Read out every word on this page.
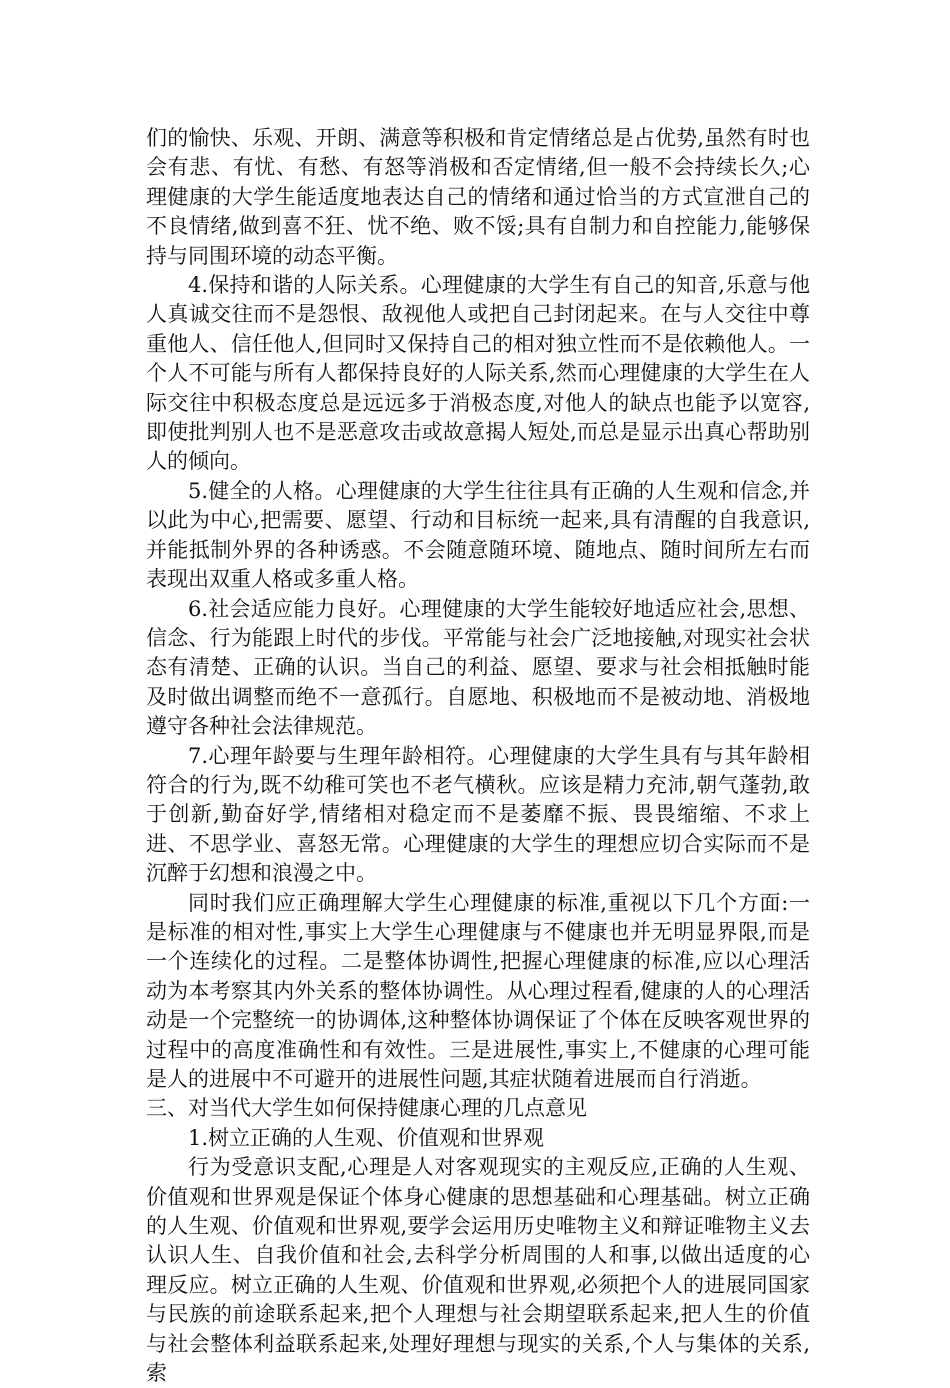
们的愉快、乐观、开朗、满意等积极和肯定情绪总是占优势,虽然有时也会有悲、有忧、有愁、有怒等消极和否定情绪,但一般不会持续长久;心理健康的大学生能适度地表达自己的情绪和通过恰当的方式宣泄自己的不良情绪,做到喜不狂、忧不绝、败不馁;具有自制力和自控能力,能够保持与同围环境的动态平衡。

4.保持和谐的人际关系。心理健康的大学生有自己的知音,乐意与他人真诚交往而不是怨恨、敌视他人或把自己封闭起来。在与人交往中尊重他人、信任他人,但同时又保持自己的相对独立性而不是依赖他人。一个人不可能与所有人都保持良好的人际关系,然而心理健康的大学生在人际交往中积极态度总是远远多于消极态度,对他人的缺点也能予以宽容,即使批判别人也不是恶意攻击或故意揭人短处,而总是显示出真心帮助别人的倾向。

5.健全的人格。心理健康的大学生往往具有正确的人生观和信念,并以此为中心,把需要、愿望、行动和目标统一起来,具有清醒的自我意识,并能抵制外界的各种诱惑。不会随意随环境、随地点、随时间所左右而表现出双重人格或多重人格。

6.社会适应能力良好。心理健康的大学生能较好地适应社会,思想、信念、行为能跟上时代的步伐。平常能与社会广泛地接触,对现实社会状态有清楚、正确的认识。当自己的利益、愿望、要求与社会相抵触时能及时做出调整而绝不一意孤行。自愿地、积极地而不是被动地、消极地遵守各种社会法律规范。

7.心理年龄要与生理年龄相符。心理健康的大学生具有与其年龄相符合的行为,既不幼稚可笑也不老气横秋。应该是精力充沛,朝气蓬勃,敢于创新,勤奋好学,情绪相对稳定而不是萎靡不振、畏畏缩缩、不求上进、不思学业、喜怒无常。心理健康的大学生的理想应切合实际而不是沉醉于幻想和浪漫之中。

同时我们应正确理解大学生心理健康的标准,重视以下几个方面:一是标准的相对性,事实上大学生心理健康与不健康也并无明显界限,而是一个连续化的过程。二是整体协调性,把握心理健康的标准,应以心理活动为本考察其内外关系的整体协调性。从心理过程看,健康的人的心理活动是一个完整统一的协调体,这种整体协调保证了个体在反映客观世界的过程中的高度准确性和有效性。三是进展性,事实上,不健康的心理可能是人的进展中不可避开的进展性问题,其症状随着进展而自行消逝。

三、对当代大学生如何保持健康心理的几点意见

1.树立正确的人生观、价值观和世界观

行为受意识支配,心理是人对客观现实的主观反应,正确的人生观、价值观和世界观是保证个体身心健康的思想基础和心理基础。树立正确的人生观、价值观和世界观,要学会运用历史唯物主义和辩证唯物主义去认识人生、自我价值和社会,去科学分析周围的人和事,以做出适度的心理反应。树立正确的人生观、价值观和世界观,必须把个人的进展同国家与民族的前途联系起来,把个人理想与社会期望联系起来,把人生的价值与社会整体利益联系起来,处理好理想与现实的关系,个人与集体的关系,索
